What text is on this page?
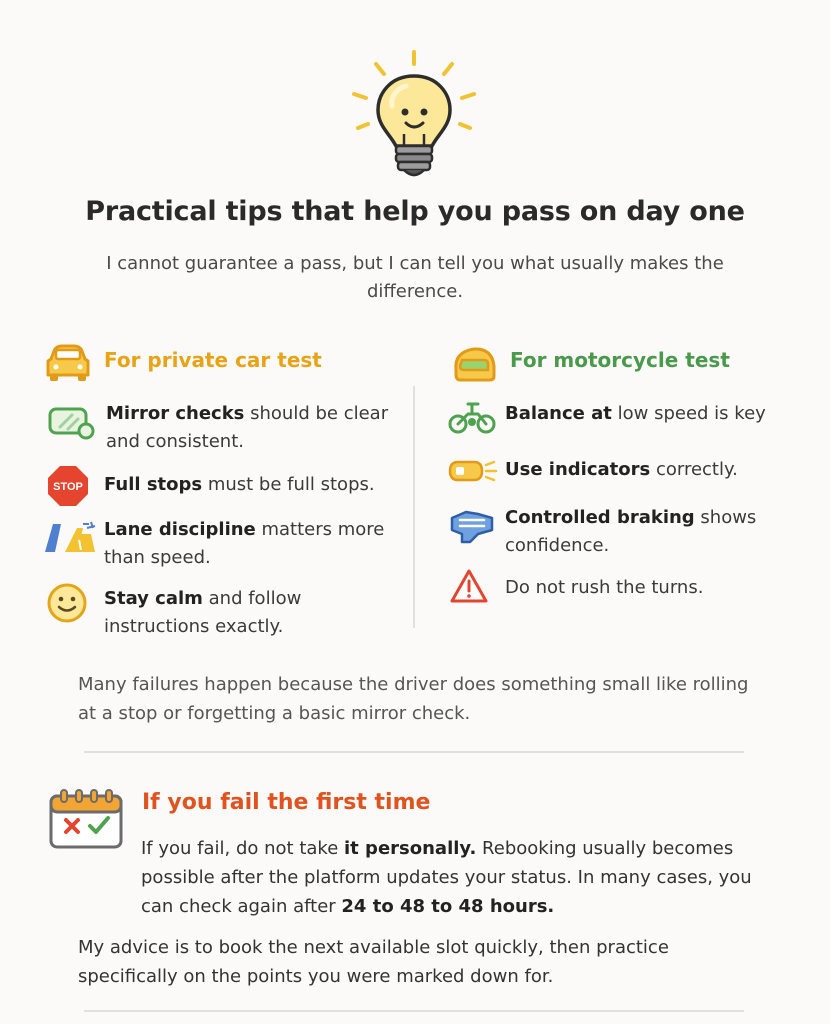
Practical tips that help you pass on day one
I cannot guarantee a pass, but I can tell you what usually makes the difference.
For private car test
Mirror checks should be clear and consistent.
STOP Full stops must be full stops.
Lane discipline matters more than speed.
Stay calm and follow instructions exactly.
For motorcycle test
Balance at low speed is key
Use indicators correctly.
Controlled braking shows confidence.
Do not rush the turns.
Many failures happen because the driver does something small like rolling at a stop or forgetting a basic mirror check.
If you fail the first time
If you fail, do not take it personally. Rebooking usually becomes possible after the platform updates your status. In many cases, you can check again after 24 to 48 to 48 hours.
My advice is to book the next available slot quickly, then practice specifically on the points you were marked down for.
